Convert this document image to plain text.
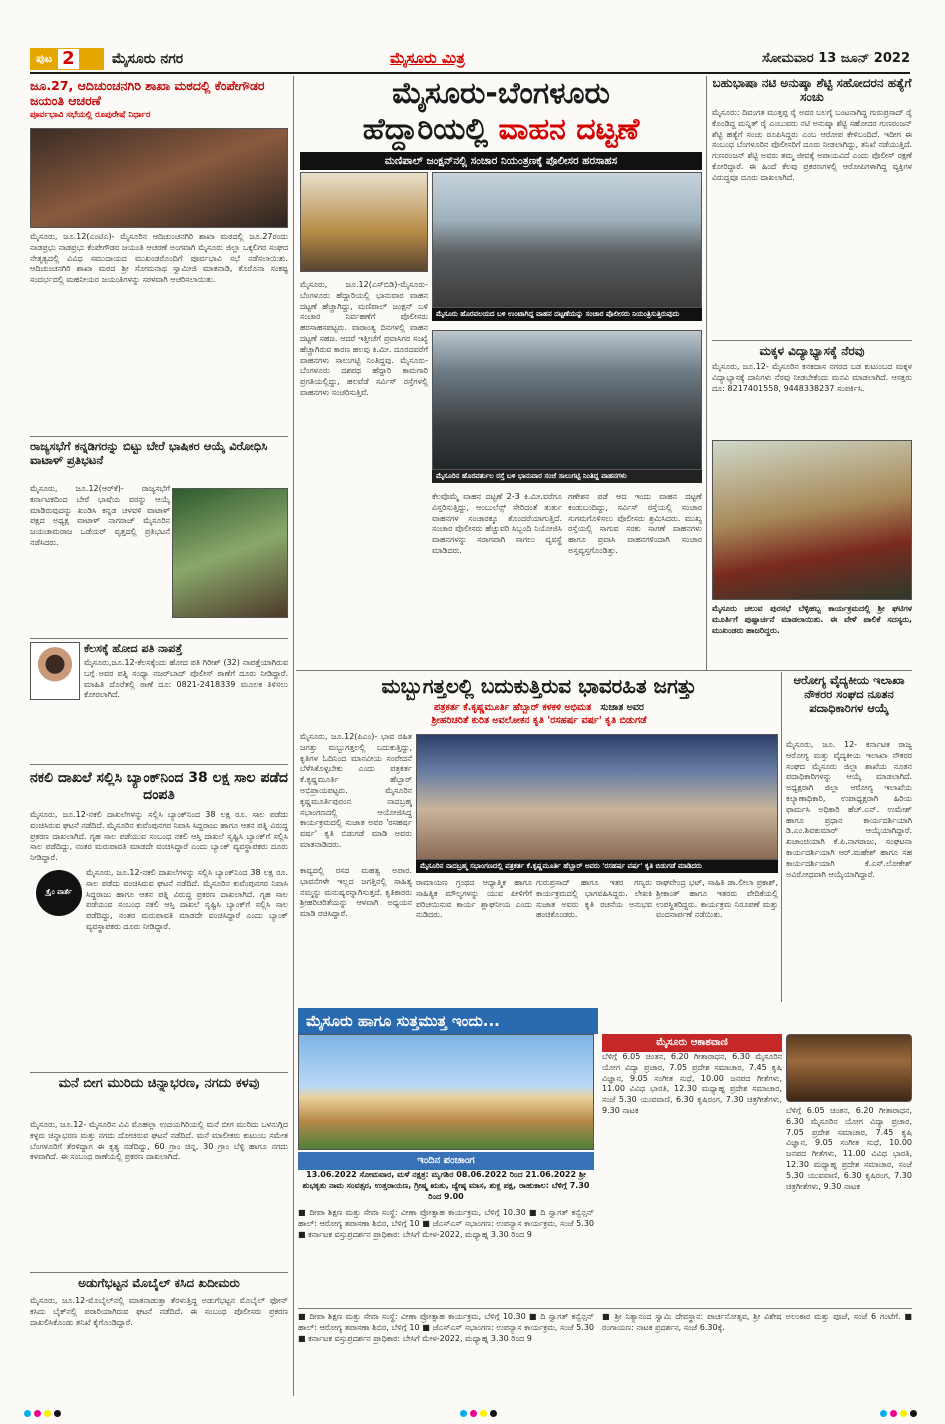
ಪುಟ 2	ಮೈಸೂರು ನಗರ	ಮೈಸೂರು ಮಿತ್ರ	ಸೋಮವಾರ 13 ಜೂನ್ 2022
ಜೂ.27, ಆದಿಚುಂಚನಗಿರಿ ಶಾಖಾ ಮಠದಲ್ಲಿ ಕೆಂಪೇಗೌಡರ ಜಯಂತಿ ಆಚರಣೆ
ಪೂರ್ವಭಾವಿ ಸಭೆಯಲ್ಲಿ ರೂಪುರೇಷೆ ನಿರ್ಧಾರ
ಮೈಸೂರು, ಜೂ.12(ಎಂಟಿಎ)- ಮೈಸೂರಿನ ಆದಿಚುಂಚನಗಿರಿ ಶಾಖಾ ಮಠದಲ್ಲಿ ಜೂ.27ರಂದು ನಾಡಪ್ರಭು ನಾಡಪ್ರಭು ಕೆಂಪೇಗೌಡರ ಜಯಂತಿ ಆಚರಣೆ ಅಂಗವಾಗಿ ಮೈಸೂರು ಜಿಲ್ಲಾ ಒಕ್ಕಲಿಗರ ಸಂಘದ ನೇತೃತ್ವದಲ್ಲಿ ವಿವಿಧ ಸಮುದಾಯದ ಮುಖಂಡರೊಂದಿಗೆ ಪೂರ್ವಭಾವಿ ಸಭೆ ನಡೆಸಲಾಯಿತು. ಆದಿಚುಂಚನಗಿರಿ ಶಾಖಾ ಮಠದ ಶ್ರೀ ಸೋಮನಾಥ ಸ್ವಾಮೀಜಿ ಮಾತನಾಡಿ, ಕೊರೊನಾ ಸಂಕಷ್ಟ ಸಂದರ್ಭದಲ್ಲಿ ಮಹನೀಯರ ಜಯಂತಿಗಳನ್ನು ಸರಳವಾಗಿ ಆಚರಿಸಲಾಯಿತು.
ರಾಜ್ಯಸಭೆಗೆ ಕನ್ನಡಿಗರನ್ನು ಬಿಟ್ಟು ಬೇರೆ ಭಾಷಿಕರ ಆಯ್ಕೆ ವಿರೋಧಿಸಿ ವಾಟಾಳ್ ಪ್ರತಿಭಟನೆ
ಮೈಸೂರು, ಜೂ.12(ಆರ್‌ಕೆ)- ರಾಜ್ಯಸಭೆಗೆ ಕರ್ನಾಟಕದಿಂದ ಬೇರೆ ಭಾಷೆಯ ವರನ್ನು ಆಯ್ಕೆ ಮಾಡಿರುವುದನ್ನು ಖಂಡಿಸಿ ಕನ್ನಡ ಚಳವಳಿ ವಾಟಾಳ್ ಪಕ್ಷದ ಅಧ್ಯಕ್ಷ ವಾಟಾಳ್ ನಾಗರಾಜ್ ಮೈಸೂರಿನ ಜಯಚಾಮರಾಜ ಒಡೆಯರ್ ವೃತ್ತದಲ್ಲಿ ಪ್ರತಿಭಟನೆ ನಡೆಸಿದರು.
ಕೆಲಸಕ್ಕೆ ಹೋದ ಪತಿ ನಾಪತ್ತೆ
ಮೈಸೂರು,ಜೂ.12-ಕೆಲಸಕ್ಕೆಂದು ಹೋದ ಪತಿ ಗಿರೀಶ್ (32) ನಾಪತ್ತೆಯಾಗಿರುವ ಬಗ್ಗೆ ಅವರ ಪತ್ನಿ ಸಂಧ್ಯಾ ನಜರ್‌ಬಾದ್ ಪೊಲೀಸ್ ಠಾಣೆಗೆ ದೂರು ನೀಡಿದ್ದಾರೆ. ಮಾಹಿತಿ ದೊರೆತಲ್ಲಿ ಠಾಣೆ ದೂ: 0821-2418339 ಮೂಲಕ ತಿಳಿಸಲು ಕೋರಲಾಗಿದೆ.
ನಕಲಿ ದಾಖಲೆ ಸಲ್ಲಿಸಿ ಬ್ಯಾಂಕ್‌ನಿಂದ 38 ಲಕ್ಷ ಸಾಲ ಪಡೆದ ದಂಪತಿ
ಮೈಸೂರು, ಜೂ.12-ನಕಲಿ ದಾಖಲೆಗಳನ್ನು ಸಲ್ಲಿಸಿ ಬ್ಯಾಂಕ್‌ನಿಂದ 38 ಲಕ್ಷ ರೂ. ಸಾಲ ಪಡೆದು ವಂಚಿಸಿರುವ ಘಟನೆ ನಡೆದಿದೆ. ಮೈಸೂರಿನ ಕುವೆಂಪುನಗರ ನಿವಾಸಿ ಸಿದ್ದರಾಜು ಹಾಗೂ ಆತನ ಪತ್ನಿ ವಿರುದ್ಧ ಪ್ರಕರಣ ದಾಖಲಾಗಿದೆ. ಗೃಹ ಸಾಲ ಪಡೆಯುವ ಸಂಬಂಧ ನಕಲಿ ಆಸ್ತಿ ದಾಖಲೆ ಸೃಷ್ಟಿಸಿ ಬ್ಯಾಂಕ್‌ಗೆ ಸಲ್ಲಿಸಿ ಸಾಲ ಪಡೆದಿದ್ದು, ನಂತರ ಮರುಪಾವತಿ ಮಾಡದೇ ವಂಚಿಸಿದ್ದಾರೆ ಎಂದು ಬ್ಯಾಂಕ್ ವ್ಯವಸ್ಥಾಪಕರು ದೂರು ನೀಡಿದ್ದಾರೆ.
ಕ್ರೈಂ ವಾರ್ತೆ
ಮೈಸೂರು, ಜೂ.12-ನಕಲಿ ದಾಖಲೆಗಳನ್ನು ಸಲ್ಲಿಸಿ ಬ್ಯಾಂಕ್‌ನಿಂದ 38 ಲಕ್ಷ ರೂ. ಸಾಲ ಪಡೆದು ವಂಚಿಸಿರುವ ಘಟನೆ ನಡೆದಿದೆ. ಮೈಸೂರಿನ ಕುವೆಂಪುನಗರ ನಿವಾಸಿ ಸಿದ್ದರಾಜು ಹಾಗೂ ಆತನ ಪತ್ನಿ ವಿರುದ್ಧ ಪ್ರಕರಣ ದಾಖಲಾಗಿದೆ. ಗೃಹ ಸಾಲ ಪಡೆಯುವ ಸಂಬಂಧ ನಕಲಿ ಆಸ್ತಿ ದಾಖಲೆ ಸೃಷ್ಟಿಸಿ ಬ್ಯಾಂಕ್‌ಗೆ ಸಲ್ಲಿಸಿ ಸಾಲ ಪಡೆದಿದ್ದು, ನಂತರ ಮರುಪಾವತಿ ಮಾಡದೇ ವಂಚಿಸಿದ್ದಾರೆ ಎಂದು ಬ್ಯಾಂಕ್ ವ್ಯವಸ್ಥಾಪಕರು ದೂರು ನೀಡಿದ್ದಾರೆ.
ಮನೆ ಬೀಗ ಮುರಿದು ಚಿನ್ನಾಭರಣ, ನಗದು ಕಳವು
ಮೈಸೂರು, ಜೂ.12- ಮೈಸೂರಿನ ವಿವಿ ಮೊಹಲ್ಲಾ ಉದಯಗಿರಿಯಲ್ಲಿ ಮನೆ ಬೀಗ ಮುರಿದು ಒಳನುಗ್ಗಿದ ಕಳ್ಳರು ಚಿನ್ನಾಭರಣ ಮತ್ತು ನಗದು ದೋಚಿರುವ ಘಟನೆ ನಡೆದಿದೆ. ಮನೆ ಮಾಲೀಕರು ಕುಟುಂಬ ಸಮೇತ ಬೆಂಗಳೂರಿಗೆ ತೆರಳಿದ್ದಾಗ ಈ ಕೃತ್ಯ ನಡೆದಿದ್ದು, 60 ಗ್ರಾಂ ಚಿನ್ನ, 30 ಗ್ರಾಂ ಬೆಳ್ಳಿ ಹಾಗೂ ನಗದು ಕಳವಾಗಿದೆ. ಈ ಸಂಬಂಧ ಠಾಣೆಯಲ್ಲಿ ಪ್ರಕರಣ ದಾಖಲಾಗಿದೆ.
ಅಡುಗೆಭಟ್ಟನ ಮೊಬೈಲ್ ಕಸಿದ ಖದೀಮರು
ಮೈಸೂರು, ಜೂ.12-ಮೊಬೈಲ್‌ನಲ್ಲಿ ಮಾತನಾಡುತ್ತಾ ತೆರಳುತ್ತಿದ್ದ ಅಡುಗೆಭಟ್ಟನ ಮೊಬೈಲ್ ಫೋನ್ ಕಸಿದು ಬೈಕ್‌ನಲ್ಲಿ ಪರಾರಿಯಾಗಿರುವ ಘಟನೆ ನಡೆದಿದೆ. ಈ ಸಂಬಂಧ ಪೊಲೀಸರು ಪ್ರಕರಣ ದಾಖಲಿಸಿಕೊಂಡು ತನಿಖೆ ಕೈಗೊಂಡಿದ್ದಾರೆ.
ಮೈಸೂರು-ಬೆಂಗಳೂರು
ಹೆದ್ದಾರಿಯಲ್ಲಿ ವಾಹನ ದಟ್ಟಣೆ
ಮಣಿಪಾಲ್ ಜಂಕ್ಷನ್‌ನಲ್ಲಿ ಸಂಚಾರ ನಿಯಂತ್ರಣಕ್ಕೆ ಪೊಲೀಸರ ಹರಸಾಹಸ
ಮೈಸೂರು, ಜೂ.12(ಎಸ್‌ಬಿಡಿ)-ಮೈಸೂರು-ಬೆಂಗಳೂರು ಹೆದ್ದಾರಿಯಲ್ಲಿ ಭಾನುವಾರ ವಾಹನ ದಟ್ಟಣೆ ಹೆಚ್ಚಾಗಿದ್ದು, ಮಣಿಪಾಲ್ ಜಂಕ್ಷನ್ ಬಳಿ ಸಂಚಾರ ನಿರ್ವಹಣೆಗೆ ಪೊಲೀಸರು ಹರಸಾಹಸಪಟ್ಟರು. ವಾರಾಂತ್ಯ ದಿನಗಳಲ್ಲಿ ವಾಹನ ದಟ್ಟಣೆ ಸಹಜ. ಆದರೆ ಇತ್ತೀಚೆಗೆ ಪ್ರವಾಸಿಗರ ಸಂಖ್ಯೆ ಹೆಚ್ಚಾಗಿರುವ ಕಾರಣ ಹಲವು ಕಿ.ಮೀ. ದೂರದವರೆಗೆ ವಾಹನಗಳು ಸಾಲುಗಟ್ಟಿ ನಿಂತಿದ್ದವು. ಮೈಸೂರು-ಬೆಂಗಳೂರು ದಶಪಥ ಹೆದ್ದಾರಿ ಕಾಮಗಾರಿ ಪ್ರಗತಿಯಲ್ಲಿದ್ದು, ಹಲವೆಡೆ ಸರ್ವಿಸ್ ರಸ್ತೆಗಳಲ್ಲಿ ವಾಹನಗಳು ಸಂಚರಿಸುತ್ತಿವೆ.
ಮೈಸೂರು ಹೊರವಲಯದ ಬಳಿ ಉಂಟಾಗಿದ್ದ ವಾಹನ ದಟ್ಟಣೆಯನ್ನು ಸಂಚಾರ ಪೊಲೀಸರು ನಿಯಂತ್ರಿಸುತ್ತಿರುವುದು
ಮೈಸೂರಿನ ಹೊರವರ್ತುಲ ರಸ್ತೆ ಬಳಿ ಭಾನುವಾರ ಸಂಜೆ ಸಾಲುಗಟ್ಟಿ ನಿಂತಿದ್ದ ವಾಹನಗಳು
ಕೆಲವೊಮ್ಮೆ ವಾಹನ ದಟ್ಟಣೆ 2-3 ಕಿ.ಮೀ.ವರೆಗೂ ವಿಸ್ತರಿಸುತ್ತಿದ್ದು, ಆಂಬುಲೆನ್ಸ್ ಸೇರಿದಂತೆ ತುರ್ತು ವಾಹನಗಳ ಸಂಚಾರಕ್ಕೂ ತೊಂದರೆಯಾಗುತ್ತಿದೆ. ಸಂಚಾರ ಪೊಲೀಸರು ಹೆಚ್ಚುವರಿ ಸಿಬ್ಬಂದಿ ನಿಯೋಜಿಸಿ ವಾಹನಗಳನ್ನು ಸರಾಗವಾಗಿ ಸಾಗಲು ವ್ಯವಸ್ಥೆ ಮಾಡಿದರು.
ಗಣೇಶನ ಪಡೆ ಆದ ಇಂದು ವಾಹನ ದಟ್ಟಣೆ ಕಂಡುಬಂದಿದ್ದು, ಸರ್ವಿಸ್ ರಸ್ತೆಯಲ್ಲಿ ಸಂಚಾರ ಸುಗಮಗೊಳಿಸಲು ಪೊಲೀಸರು ಶ್ರಮಿಸಿದರು. ಮುಖ್ಯ ರಸ್ತೆಯಲ್ಲಿ ಸಾಗುವ ಸರಕು ಸಾಗಣೆ ವಾಹನಗಳು ಹಾಗೂ ಪ್ರವಾಸಿ ವಾಹನಗಳಿಂದಾಗಿ ಸಂಚಾರ ಅಸ್ತವ್ಯಸ್ತಗೊಂಡಿತ್ತು.
ಬಹುಭಾಷಾ ನಟಿ ಅನುಷ್ಕಾ ಶೆಟ್ಟಿ ಸಹೋದರನ ಹತ್ಯೆಗೆ ಸಂಚು
ಮೈಸೂರು: ದಿವಂಗತ ಮುತ್ತಪ್ಪ ರೈ ಅವರ ಬಲಗೈ ಬಂಟನಾಗಿದ್ದ ಗುರುಪ್ರಸಾದ್ ರೈ ಕೊಂಡಿದ್ದ ಮನ್ನಿತ್ ರೈ ಎಂಬುವರು ನಟಿ ಅನುಷ್ಕಾ ಶೆಟ್ಟಿ ಸಹೋದರ ಗುಣರಂಜನ್ ಶೆಟ್ಟಿ ಹತ್ಯೆಗೆ ಸಂಚು ರೂಪಿಸಿದ್ದರು ಎಂಬ ಆರೋಪ ಕೇಳಿಬಂದಿದೆ. ಇದೀಗ ಈ ಸಂಬಂಧ ಬೆಂಗಳೂರಿನ ಪೊಲೀಸರಿಗೆ ದೂರು ನೀಡಲಾಗಿದ್ದು, ತನಿಖೆ ನಡೆಯುತ್ತಿದೆ. ಗುಣರಂಜನ್ ಶೆಟ್ಟಿ ಅವರು ತಮ್ಮ ಜೀವಕ್ಕೆ ಅಪಾಯವಿದೆ ಎಂದು ಪೊಲೀಸ್ ರಕ್ಷಣೆ ಕೋರಿದ್ದಾರೆ. ಈ ಹಿಂದೆ ಕೆಲವು ಪ್ರಕರಣಗಳಲ್ಲಿ ಆರೋಪಿಗಳಾಗಿದ್ದ ವ್ಯಕ್ತಿಗಳ ವಿರುದ್ಧವೂ ದೂರು ದಾಖಲಾಗಿದೆ.
ಮಕ್ಕಳ ವಿದ್ಯಾಭ್ಯಾಸಕ್ಕೆ ನೆರವು
ಮೈಸೂರು, ಜೂ.12- ಮೈಸೂರಿನ ಕನಕದಾಸ ನಗರದ ಬಡ ಕುಟುಂಬದ ಮಕ್ಕಳ ವಿದ್ಯಾಭ್ಯಾಸಕ್ಕೆ ದಾನಿಗಳು ನೆರವು ನೀಡಬೇಕೆಂದು ಮನವಿ ಮಾಡಲಾಗಿದೆ. ಆಸಕ್ತರು ದೂ: 8217401558, 9448338237 ಸಂಪರ್ಕಿಸಿ.
ಮೈಸೂರು ಚಲುವ ಪುರಸಭೆ ಬೆಳ್ಳಿಹಬ್ಬ ಕಾರ್ಯಕ್ರಮದಲ್ಲಿ ಶ್ರೀ ಘಟಿಗಳ ಮೂರ್ತಿಗೆ ಪುಷ್ಪಾರ್ಚನೆ ಮಾಡಲಾಯಿತು. ಈ ವೇಳೆ ಪಾಲಿಕೆ ಸದಸ್ಯರು, ಮುಖಂಡರು ಹಾಜರಿದ್ದರು.
ಮಬ್ಬುಗತ್ತಲಲ್ಲಿ ಬದುಕುತ್ತಿರುವ ಭಾವರಹಿತ ಜಗತ್ತು
ಪತ್ರಕರ್ತ ಕೆ.ಕೃಷ್ಣಮೂರ್ತಿ ಹೆಬ್ಬಾರ್ ಕಳಕಳಿ ಅಭಿಮತ ಸುಜಾತ ಅವರ
ಶ್ರೀಹರಿಚರಿತೆ ಕುರಿತ ಅವಲೋಕನ ಕೃತಿ 'ರಸಹರ್ಷ ವರ್ಷ' ಕೃತಿ ಬಿಡುಗಡೆ
ಮೈಸೂರು, ಜೂ.12(ಪಿಎಂ)- ಭಾವ ರಹಿತ ಜಗತ್ತು ಮಬ್ಬುಗತ್ತಲಲ್ಲಿ ಬದುಕುತ್ತಿದ್ದು, ಕೃತಿಗಳ ಓದಿನಿಂದ ಮಾನವೀಯ ಸಂವೇದನೆ ಬೆಳೆಸಿಕೊಳ್ಳಬೇಕು ಎಂದು ಪತ್ರಕರ್ತ ಕೆ.ಕೃಷ್ಣಮೂರ್ತಿ ಹೆಬ್ಬಾರ್ ಅಭಿಪ್ರಾಯಪಟ್ಟರು. ಮೈಸೂರಿನ ಕೃಷ್ಣಮೂರ್ತಿಪುರಂನ ನಾದಬ್ರಹ್ಮ ಸಭಾಂಗಣದಲ್ಲಿ ಆಯೋಜಿಸಿದ್ದ ಕಾರ್ಯಕ್ರಮದಲ್ಲಿ ಸುಜಾತ ಅವರ 'ರಸಹರ್ಷ ವರ್ಷ' ಕೃತಿ ಬಿಡುಗಡೆ ಮಾಡಿ ಅವರು ಮಾತನಾಡಿದರು.
ಮೈಸೂರಿನ ನಾದಬ್ರಹ್ಮ ಸಭಾಂಗಣದಲ್ಲಿ ಪತ್ರಕರ್ತ ಕೆ.ಕೃಷ್ಣಮೂರ್ತಿ ಹೆಬ್ಬಾರ್ ಅವರು 'ರಸಹರ್ಷ ವರ್ಷ' ಕೃತಿ ಬಿಡುಗಡೆ ಮಾಡಿದರು
ಕಾವ್ಯದಲ್ಲಿ ರಸದ ಮಹತ್ವ ಅಪಾರ. ಭಾವನೆಗಳೇ ಇಲ್ಲದ ಜಗತ್ತಿನಲ್ಲಿ ಸಾಹಿತ್ಯ ನಮ್ಮನ್ನು ಮನುಷ್ಯರನ್ನಾಗಿಸುತ್ತದೆ. ಕೃತಿಕಾರರು ಶ್ರೀಹರಿಚರಿತೆಯನ್ನು ಆಳವಾಗಿ ಅಧ್ಯಯನ ಮಾಡಿ ರಚಿಸಿದ್ದಾರೆ.
ರಾಮಾಯಣ ಗ್ರಂಥದ ಆಧ್ಯಾತ್ಮಿಕ ಹಾಗೂ ಸಾಹಿತ್ಯಿಕ ಮೌಲ್ಯಗಳನ್ನು ಯುವ ಪೀಳಿಗೆಗೆ ಪರಿಚಯಿಸುವ ಕಾರ್ಯ ಶ್ಲಾಘನೀಯ ಎಂದು ನುಡಿದರು.
ಗುರುಪ್ರಸಾದ್ ಹಾಗೂ ಇತರ ಗಣ್ಯರು ಕಾರ್ಯಕ್ರಮದಲ್ಲಿ ಭಾಗವಹಿಸಿದ್ದರು. ಲೇಖಕಿ ಸುಜಾತ ಅವರು ಕೃತಿ ರಚನೆಯ ಅನುಭವ ಹಂಚಿಕೊಂಡರು.
ರಾಘವೇಂದ್ರ ಭಟ್, ಸಾಹಿತಿ ಡಾ.ಲೀಲಾ ಪ್ರಕಾಶ್, ಶ್ರೀಕಾಂತ್ ಹಾಗೂ ಇತರರು ವೇದಿಕೆಯಲ್ಲಿ ಉಪಸ್ಥಿತರಿದ್ದರು. ಕಾರ್ಯಕ್ರಮ ನಿರೂಪಣೆ ಮತ್ತು ವಂದನಾರ್ಪಣೆ ನಡೆಯಿತು.
ಆರೋಗ್ಯ ವೈದ್ಯಕೀಯ ಇಲಾಖಾ ನೌಕರರ ಸಂಘದ ನೂತನ ಪದಾಧಿಕಾರಿಗಳ ಆಯ್ಕೆ
ಮೈಸೂರು, ಜೂ. 12- ಕರ್ನಾಟಕ ರಾಜ್ಯ ಆರೋಗ್ಯ ಮತ್ತು ವೈದ್ಯಕೀಯ ಇಲಾಖಾ ನೌಕರರ ಸಂಘದ ಮೈಸೂರು ಜಿಲ್ಲಾ ಶಾಖೆಯ ನೂತನ ಪದಾಧಿಕಾರಿಗಳನ್ನು ಆಯ್ಕೆ ಮಾಡಲಾಗಿದೆ. ಅಧ್ಯಕ್ಷರಾಗಿ ಜಿಲ್ಲಾ ಆರೋಗ್ಯ ಇಲಾಖೆಯ ಕಲ್ಯಾಣಾಧಿಕಾರಿ, ಉಪಾಧ್ಯಕ್ಷರಾಗಿ ಹಿರಿಯ ಫಾರ್ಮಸಿ ಅಧಿಕಾರಿ ಹೆಚ್.ಎನ್. ಉಮೇಶ್ ಹಾಗೂ ಪ್ರಧಾನ ಕಾರ್ಯದರ್ಶಿಯಾಗಿ ಡಿ.ಎಂ.ಶಿವಕುಮಾರ್ ಆಯ್ಕೆಯಾಗಿದ್ದಾರೆ. ಖಜಾಂಚಿಯಾಗಿ ಕೆ.ಪಿ.ನಾಗರಾಜು, ಸಂಘಟನಾ ಕಾರ್ಯದರ್ಶಿಯಾಗಿ ಆರ್.ಮಹೇಶ್ ಹಾಗೂ ಸಹ ಕಾರ್ಯದರ್ಶಿಯಾಗಿ ಕೆ.ಎಸ್.ಲೋಕೇಶ್ ಅವಿರೋಧವಾಗಿ ಆಯ್ಕೆಯಾಗಿದ್ದಾರೆ.
ಮೈಸೂರು ಹಾಗೂ ಸುತ್ತಮುತ್ತ ಇಂದು...
ಇಂದಿನ ಪಂಚಾಂಗ
13.06.2022 ಸೋಮವಾರ, ಮಳೆ ನಕ್ಷತ್ರ: ಮೃಗಶಿರ 08.06.2022 ರಿಂದ 21.06.2022 ಶ್ರೀ ಶುಭಕೃತು ನಾಮ ಸಂವತ್ಸರ, ಉತ್ತರಾಯಣ, ಗ್ರೀಷ್ಮ ಋತು, ಜ್ಯೇಷ್ಠ ಮಾಸ, ಶುಕ್ಲ ಪಕ್ಷ, ರಾಹುಕಾಲ: ಬೆಳಿಗ್ಗೆ 7.30 ರಿಂದ 9.00
■ ದೀಪಾ ಶಿಕ್ಷಣ ಮತ್ತು ಸೇವಾ ಸಂಸ್ಥೆ: ವೀಣಾ ಪ್ರೋತ್ಸಾಹ ಕಾರ್ಯಕ್ರಮ, ಬೆಳಿಗ್ಗೆ 10.30 ■ ದಿ ಸ್ವಾಗತ್ ಕನ್ವೆನ್ಷನ್ ಹಾಲ್: ಆರೋಗ್ಯ ತಪಾಸಣಾ ಶಿಬಿರ, ಬೆಳಿಗ್ಗೆ 10 ■ ಜೆಎಸ್‌ಎಸ್ ಸಭಾಂಗಣ: ಉಪನ್ಯಾಸ ಕಾರ್ಯಕ್ರಮ, ಸಂಜೆ 5.30 ■ ಕರ್ನಾಟಕ ವಸ್ತುಪ್ರದರ್ಶನ ಪ್ರಾಧಿಕಾರ: ಬೇಸಿಗೆ ಮೇಳ-2022, ಮಧ್ಯಾಹ್ನ 3.30 ರಿಂದ 9
ಮೈಸೂರು ಆಕಾಶವಾಣಿ
ಬೆಳಿಗ್ಗೆ 6.05 ಚಿಂತನ, 6.20 ಗೀತಾರಾಧನ, 6.30 ಮೈಸೂರಿನ ಯೋಗ ವಿದ್ಯಾ ಪ್ರಚಾರ, 7.05 ಪ್ರದೇಶ ಸಮಾಚಾರ, 7.45 ಕೃಷಿ ವಿಜ್ಞಾನ, 9.05 ಸಂಗೀತ ಸುಧೆ, 10.00 ಜನಪದ ಗೀತೆಗಳು, 11.00 ವಿವಿಧ ಭಾರತಿ, 12.30 ಮಧ್ಯಾಹ್ನ ಪ್ರದೇಶ ಸಮಾಚಾರ, ಸಂಜೆ 5.30 ಯುವವಾಣಿ, 6.30 ಕೃಷಿರಂಗ, 7.30 ಚಿತ್ರಗೀತೆಗಳು, 9.30 ನಾಟಕ	ಬೆಳಿಗ್ಗೆ 6.05 ಚಿಂತನ, 6.20 ಗೀತಾರಾಧನ, 6.30 ಮೈಸೂರಿನ ಯೋಗ ವಿದ್ಯಾ ಪ್ರಚಾರ, 7.05 ಪ್ರದೇಶ ಸಮಾಚಾರ, 7.45 ಕೃಷಿ ವಿಜ್ಞಾನ, 9.05 ಸಂಗೀತ ಸುಧೆ, 10.00 ಜನಪದ ಗೀತೆಗಳು, 11.00 ವಿವಿಧ ಭಾರತಿ, 12.30 ಮಧ್ಯಾಹ್ನ ಪ್ರದೇಶ ಸಮಾಚಾರ, ಸಂಜೆ 5.30 ಯುವವಾಣಿ, 6.30 ಕೃಷಿರಂಗ, 7.30 ಚಿತ್ರಗೀತೆಗಳು, 9.30 ನಾಟಕ
■ ಶ್ರೀ ನಿತ್ಯಾನಂದ ಸ್ವಾಮಿ ದೇವಸ್ಥಾನ: ಪಾರ್ಚನೋತ್ಸವ, ಶ್ರೀ ವಿಶೇಷ ಅಲಂಕಾರ ಮತ್ತು ಪೂಜೆ, ಸಂಜೆ 6 ಗಂಟೆಗೆ. ■ ರಂಗಾಯಣ: ನಾಟಕ ಪ್ರದರ್ಶನ, ಸಂಜೆ 6.30ಕ್ಕೆ.
■ ದೀಪಾ ಶಿಕ್ಷಣ ಮತ್ತು ಸೇವಾ ಸಂಸ್ಥೆ: ವೀಣಾ ಪ್ರೋತ್ಸಾಹ ಕಾರ್ಯಕ್ರಮ, ಬೆಳಿಗ್ಗೆ 10.30 ■ ದಿ ಸ್ವಾಗತ್ ಕನ್ವೆನ್ಷನ್ ಹಾಲ್: ಆರೋಗ್ಯ ತಪಾಸಣಾ ಶಿಬಿರ, ಬೆಳಿಗ್ಗೆ 10 ■ ಜೆಎಸ್‌ಎಸ್ ಸಭಾಂಗಣ: ಉಪನ್ಯಾಸ ಕಾರ್ಯಕ್ರಮ, ಸಂಜೆ 5.30 ■ ಕರ್ನಾಟಕ ವಸ್ತುಪ್ರದರ್ಶನ ಪ್ರಾಧಿಕಾರ: ಬೇಸಿಗೆ ಮೇಳ-2022, ಮಧ್ಯಾಹ್ನ 3.30 ರಿಂದ 9
